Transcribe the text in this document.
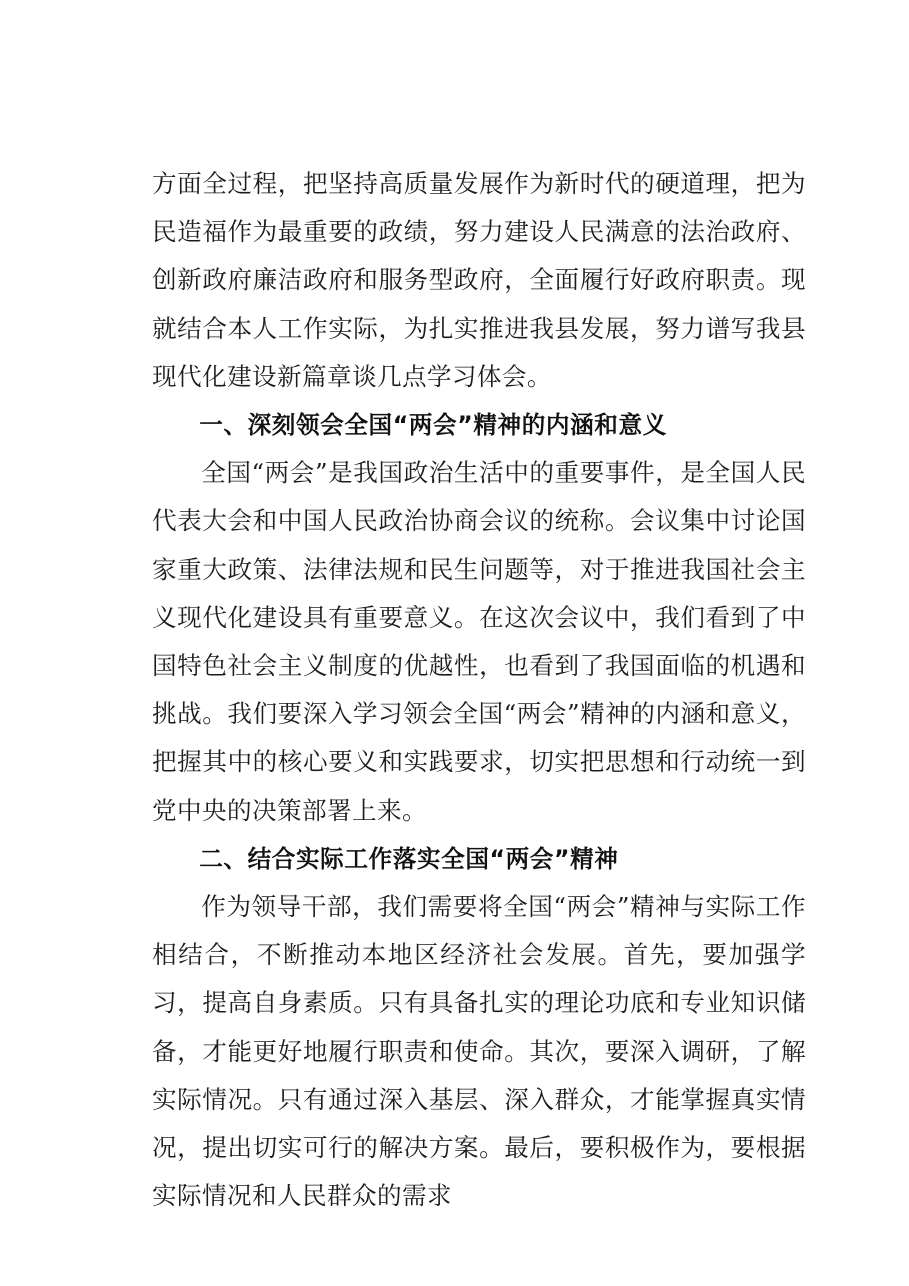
方面全过程，把坚持高质量发展作为新时代的硬道理，把为民造福作为最重要的政绩，努力建设人民满意的法治政府、创新政府廉洁政府和服务型政府，全面履行好政府职责。现就结合本人工作实际，为扎实推进我县发展，努力谱写我县现代化建设新篇章谈几点学习体会。

一、深刻领会全国“两会”精神的内涵和意义

全国“两会”是我国政治生活中的重要事件，是全国人民代表大会和中国人民政治协商会议的统称。会议集中讨论国家重大政策、法律法规和民生问题等，对于推进我国社会主义现代化建设具有重要意义。在这次会议中，我们看到了中国特色社会主义制度的优越性，也看到了我国面临的机遇和挑战。我们要深入学习领会全国“两会”精神的内涵和意义，把握其中的核心要义和实践要求，切实把思想和行动统一到党中央的决策部署上来。

二、结合实际工作落实全国“两会”精神

作为领导干部，我们需要将全国“两会”精神与实际工作相结合，不断推动本地区经济社会发展。首先，要加强学习，提高自身素质。只有具备扎实的理论功底和专业知识储备，才能更好地履行职责和使命。其次，要深入调研，了解实际情况。只有通过深入基层、深入群众，才能掌握真实情况，提出切实可行的解决方案。最后，要积极作为，要根据实际情况和人民群众的需求
